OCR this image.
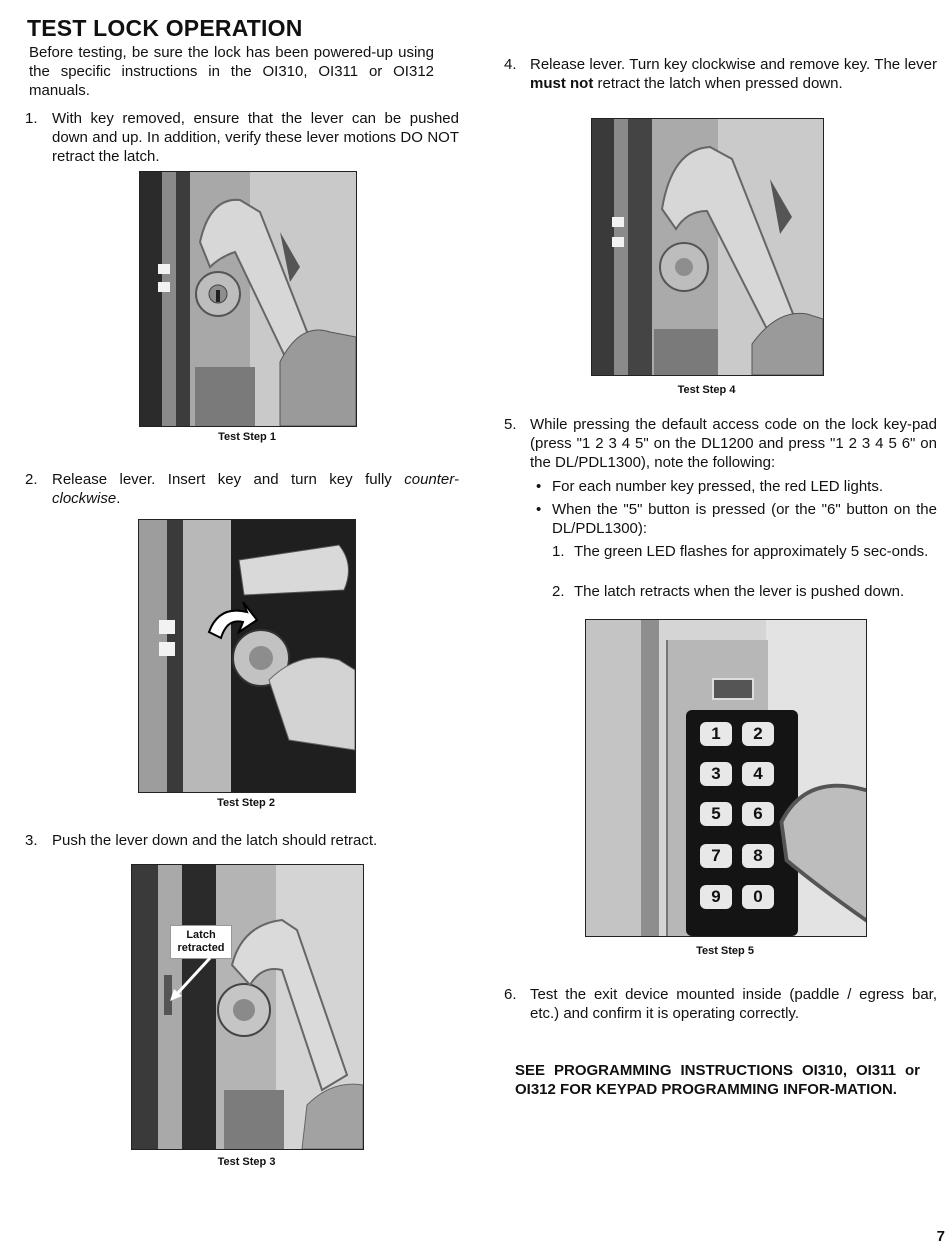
TEST LOCK OPERATION
Before testing, be sure the lock has been powered-up using the specific instructions in the OI310, OI311 or OI312 manuals.
1. With key removed, ensure that the lever can be pushed down and up. In addition, verify these lever motions DO NOT retract the latch.
Test Step 1
2. Release lever. Insert key and turn key fully counter-clockwise.
Test Step 2
3. Push the lever down and the latch should retract.
Latch
retracted
Test Step 3
4. Release lever. Turn key clockwise and remove key. The lever must not retract the latch when pressed down.
Test Step 4
5. While pressing the default access code on the lock key-pad (press "1 2 3 4 5" on the DL1200 and press "1 2 3 4 5 6" on the DL/PDL1300), note the following:
• For each number key pressed, the red LED lights.
• When the "5" button is pressed (or the "6" button on the DL/PDL1300):
1. The green LED flashes for approximately 5 sec-onds.
2. The latch retracts when the lever is pushed down.
1	2
3	4
5	6
7	8
9	0
Test Step 5
6. Test the exit device mounted inside (paddle / egress bar, etc.) and confirm it is operating correctly.
SEE PROGRAMMING INSTRUCTIONS OI310, OI311 or OI312 FOR KEYPAD PROGRAMMING INFOR-MATION.
7
